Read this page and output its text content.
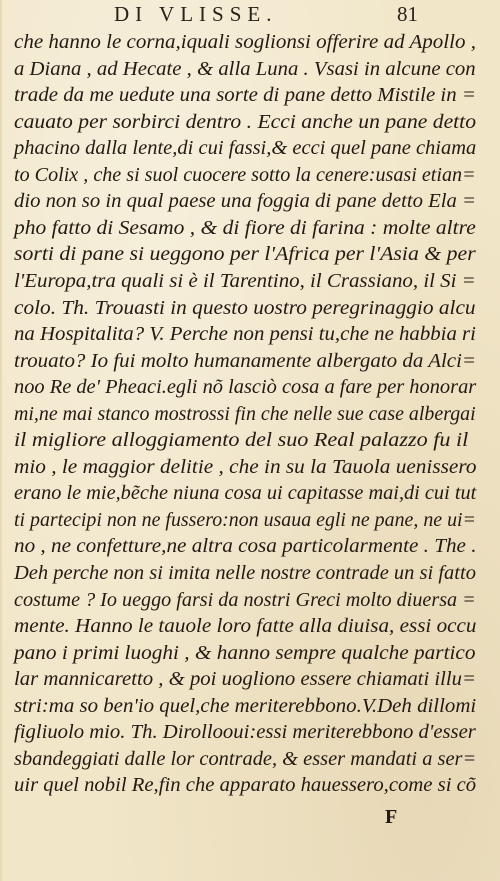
DI VLISSE.	81
che hanno le corna,iquali soglionsi offerire ad Apollo ,
a Diana , ad Hecate , & alla Luna . Vsasi in alcune con
trade da me uedute una sorte di pane detto Mistile in =
cauato per sorbirci dentro . Ecci anche un pane detto
phacino dalla lente,di cui fassi,& ecci quel pane chiama
to Colix , che si suol cuocere sotto la cenere:usasi etian=
dio non so in qual paese una foggia di pane detto Ela =
pho fatto di Sesamo , & di fiore di farina : molte altre
sorti di pane si ueggono per l'Africa per l'Asia & per
l'Europa,tra quali si è il Tarentino, il Crassiano, il Si =
colo. Th. Trouasti in questo uostro peregrinaggio alcu
na Hospitalita? V. Perche non pensi tu,che ne habbia ri
trouato? Io fui molto humanamente albergato da Alci=
noo Re de' Pheaci.egli nõ lasciò cosa a fare per honorar
mi,ne mai stanco mostrossi fin che nelle sue case albergai
il migliore alloggiamento del suo Real palazzo fu il
mio , le maggior delitie , che in su la Tauola uenissero
erano le mie,bẽche niuna cosa ui capitasse mai,di cui tut
ti partecipi non ne fussero:non usaua egli ne pane, ne ui=
no , ne confetture,ne altra cosa particolarmente . The .
Deh perche non si imita nelle nostre contrade un si fatto
costume ? Io ueggo farsi da nostri Greci molto diuersa =
mente. Hanno le tauole loro fatte alla diuisa, essi occu
pano i primi luoghi , & hanno sempre qualche partico
lar mannicaretto , & poi uogliono essere chiamati illu=
stri:ma so ben'io quel,che meriterebbono.V.Deh dillomi
figliuolo mio. Th. Dirollooui:essi meriterebbono d'esser
sbandeggiati dalle lor contrade, & esser mandati a ser=
uir quel nobil Re,fin che apparato hauessero,come si cõ
F
